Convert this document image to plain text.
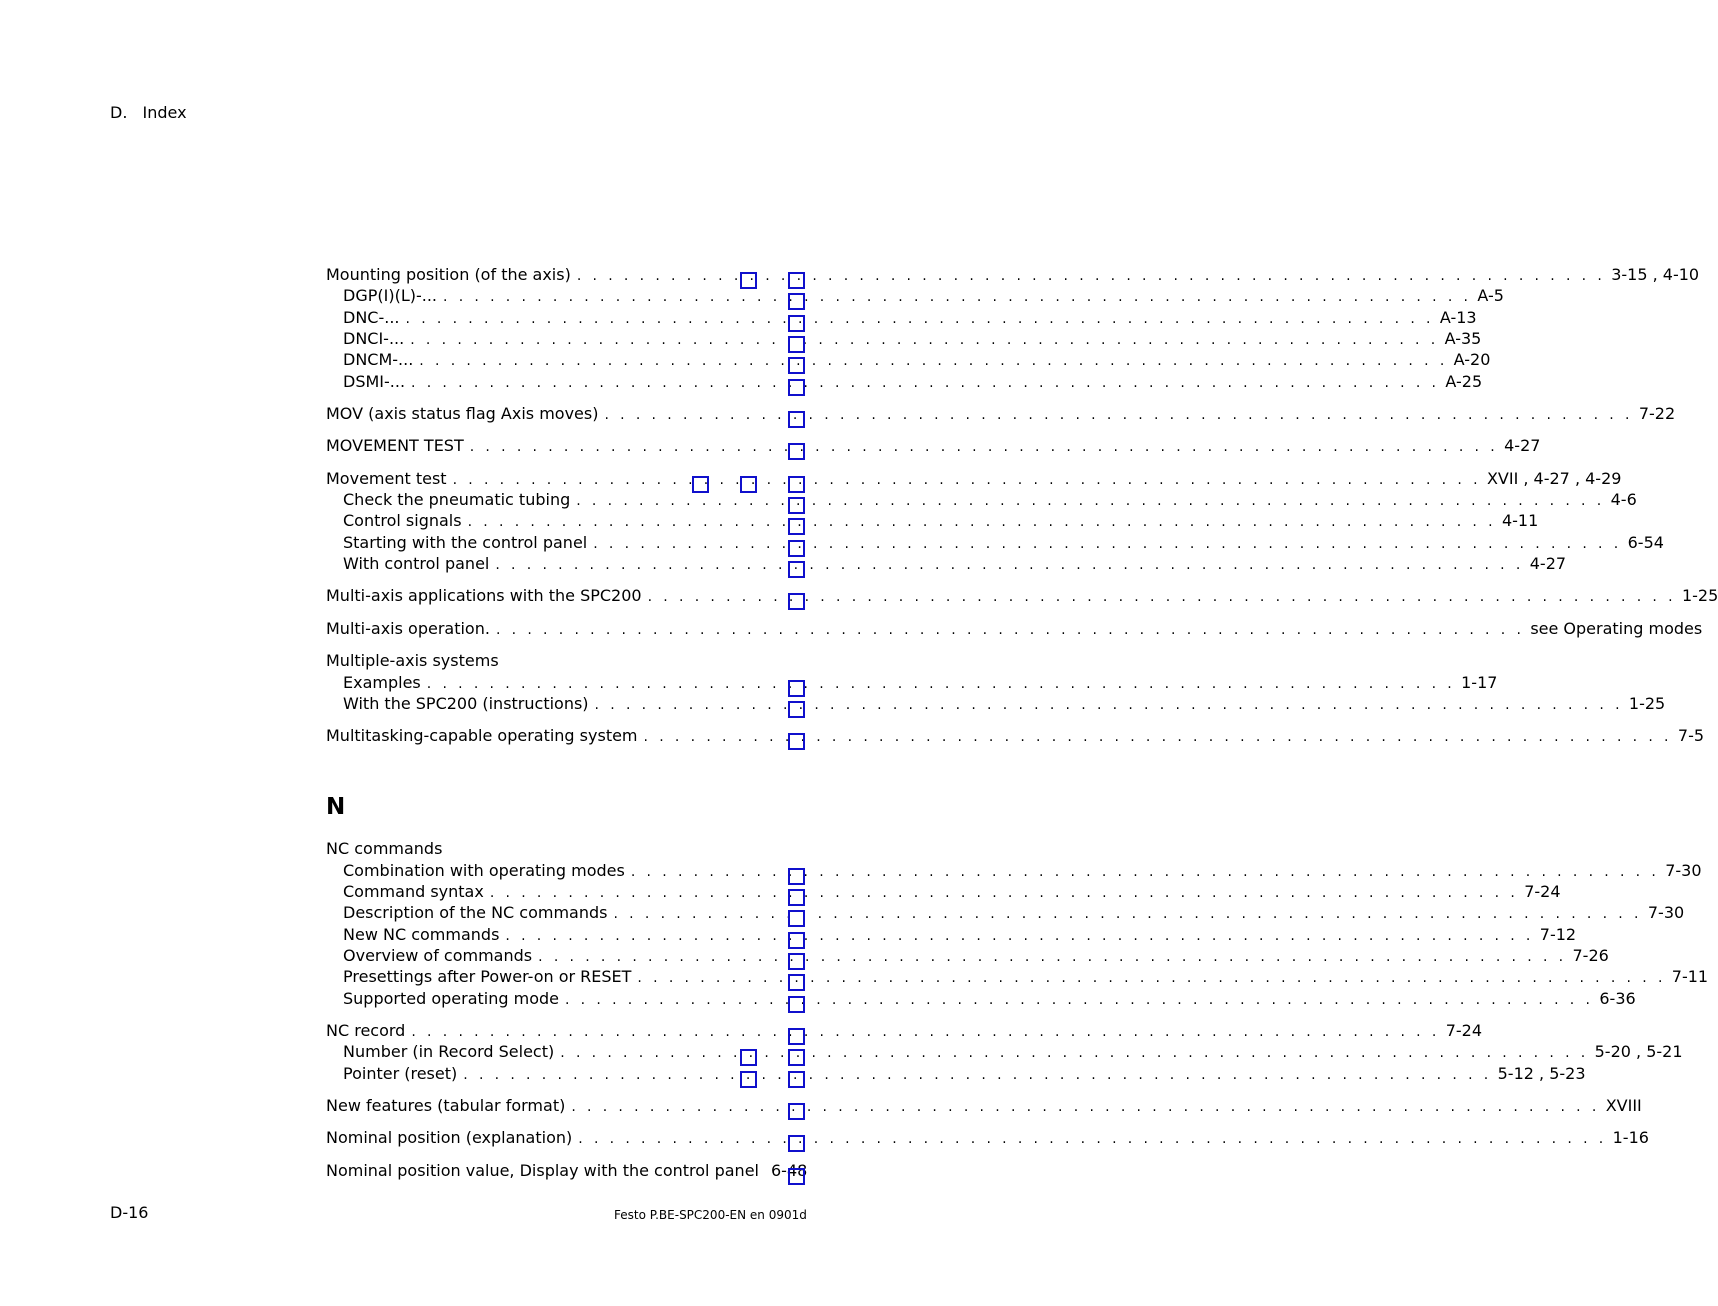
D. Index
Mounting position (of the axis) . . . . . . . . . . . . . . . . . . . . . . . . . . . . . . . . . . . . . . . . . . . . . . . . . . . . . . . . . . . . . . . . . . 3-15 , 4-10
DGP(I)(L)-... . . . . . . . . . . . . . . . . . . . . . . . . . . . . . . . . . . . . . . . . . . . . . . . . . . . . . . . . . . . . . . . . . . A-5
DNC-... . . . . . . . . . . . . . . . . . . . . . . . . . . . . . . . . . . . . . . . . . . . . . . . . . . . . . . . . . . . . . . . . . . A-13
DNCI-... . . . . . . . . . . . . . . . . . . . . . . . . . . . . . . . . . . . . . . . . . . . . . . . . . . . . . . . . . . . . . . . . . . A-35
DNCM-... . . . . . . . . . . . . . . . . . . . . . . . . . . . . . . . . . . . . . . . . . . . . . . . . . . . . . . . . . . . . . . . . . . A-20
DSMI-... . . . . . . . . . . . . . . . . . . . . . . . . . . . . . . . . . . . . . . . . . . . . . . . . . . . . . . . . . . . . . . . . . . A-25
MOV (axis status flag Axis moves) . . . . . . . . . . . . . . . . . . . . . . . . . . . . . . . . . . . . . . . . . . . . . . . . . . . . . . . . . . . . . . . . . . 7-22
MOVEMENT TEST . . . . . . . . . . . . . . . . . . . . . . . . . . . . . . . . . . . . . . . . . . . . . . . . . . . . . . . . . . . . . . . . . . 4-27
Movement test . . . . . . . . . . . . . . . . . . . . . . . . . . . . . . . . . . . . . . . . . . . . . . . . . . . . . . . . . . . . . . . . . . XVII , 4-27 , 4-29
Check the pneumatic tubing . . . . . . . . . . . . . . . . . . . . . . . . . . . . . . . . . . . . . . . . . . . . . . . . . . . . . . . . . . . . . . . . . . 4-6
Control signals . . . . . . . . . . . . . . . . . . . . . . . . . . . . . . . . . . . . . . . . . . . . . . . . . . . . . . . . . . . . . . . . . . 4-11
Starting with the control panel . . . . . . . . . . . . . . . . . . . . . . . . . . . . . . . . . . . . . . . . . . . . . . . . . . . . . . . . . . . . . . . . . . 6-54
With control panel . . . . . . . . . . . . . . . . . . . . . . . . . . . . . . . . . . . . . . . . . . . . . . . . . . . . . . . . . . . . . . . . . . 4-27
Multi-axis applications with the SPC200 . . . . . . . . . . . . . . . . . . . . . . . . . . . . . . . . . . . . . . . . . . . . . . . . . . . . . . . . . . . . . . . . . . 1-25
Multi-axis operation. . . . . . . . . . . . . . . . . . . . . . . . . . . . . . . . . . . . . . . . . . . . . . . . . . . . . . . . . . . . . . . . . . . see Operating modes
Multiple-axis systems
Examples . . . . . . . . . . . . . . . . . . . . . . . . . . . . . . . . . . . . . . . . . . . . . . . . . . . . . . . . . . . . . . . . . . 1-17
With the SPC200 (instructions) . . . . . . . . . . . . . . . . . . . . . . . . . . . . . . . . . . . . . . . . . . . . . . . . . . . . . . . . . . . . . . . . . . 1-25
Multitasking-capable operating system . . . . . . . . . . . . . . . . . . . . . . . . . . . . . . . . . . . . . . . . . . . . . . . . . . . . . . . . . . . . . . . . . . 7-5
N
NC commands
Combination with operating modes . . . . . . . . . . . . . . . . . . . . . . . . . . . . . . . . . . . . . . . . . . . . . . . . . . . . . . . . . . . . . . . . . . 7-30
Command syntax . . . . . . . . . . . . . . . . . . . . . . . . . . . . . . . . . . . . . . . . . . . . . . . . . . . . . . . . . . . . . . . . . . 7-24
Description of the NC commands . . . . . . . . . . . . . . . . . . . . . . . . . . . . . . . . . . . . . . . . . . . . . . . . . . . . . . . . . . . . . . . . . . 7-30
New NC commands . . . . . . . . . . . . . . . . . . . . . . . . . . . . . . . . . . . . . . . . . . . . . . . . . . . . . . . . . . . . . . . . . . 7-12
Overview of commands . . . . . . . . . . . . . . . . . . . . . . . . . . . . . . . . . . . . . . . . . . . . . . . . . . . . . . . . . . . . . . . . . . 7-26
Presettings after Power-on or RESET . . . . . . . . . . . . . . . . . . . . . . . . . . . . . . . . . . . . . . . . . . . . . . . . . . . . . . . . . . . . . . . . . . 7-11
Supported operating mode . . . . . . . . . . . . . . . . . . . . . . . . . . . . . . . . . . . . . . . . . . . . . . . . . . . . . . . . . . . . . . . . . . 6-36
NC record . . . . . . . . . . . . . . . . . . . . . . . . . . . . . . . . . . . . . . . . . . . . . . . . . . . . . . . . . . . . . . . . . . 7-24
Number (in Record Select) . . . . . . . . . . . . . . . . . . . . . . . . . . . . . . . . . . . . . . . . . . . . . . . . . . . . . . . . . . . . . . . . . . 5-20 , 5-21
Pointer (reset) . . . . . . . . . . . . . . . . . . . . . . . . . . . . . . . . . . . . . . . . . . . . . . . . . . . . . . . . . . . . . . . . . . 5-12 , 5-23
New features (tabular format) . . . . . . . . . . . . . . . . . . . . . . . . . . . . . . . . . . . . . . . . . . . . . . . . . . . . . . . . . . . . . . . . . . XVIII
Nominal position (explanation) . . . . . . . . . . . . . . . . . . . . . . . . . . . . . . . . . . . . . . . . . . . . . . . . . . . . . . . . . . . . . . . . . . 1-16
Nominal position value, Display with the control panel 6-48
D-16	Festo P.BE-SPC200-EN en 0901d
